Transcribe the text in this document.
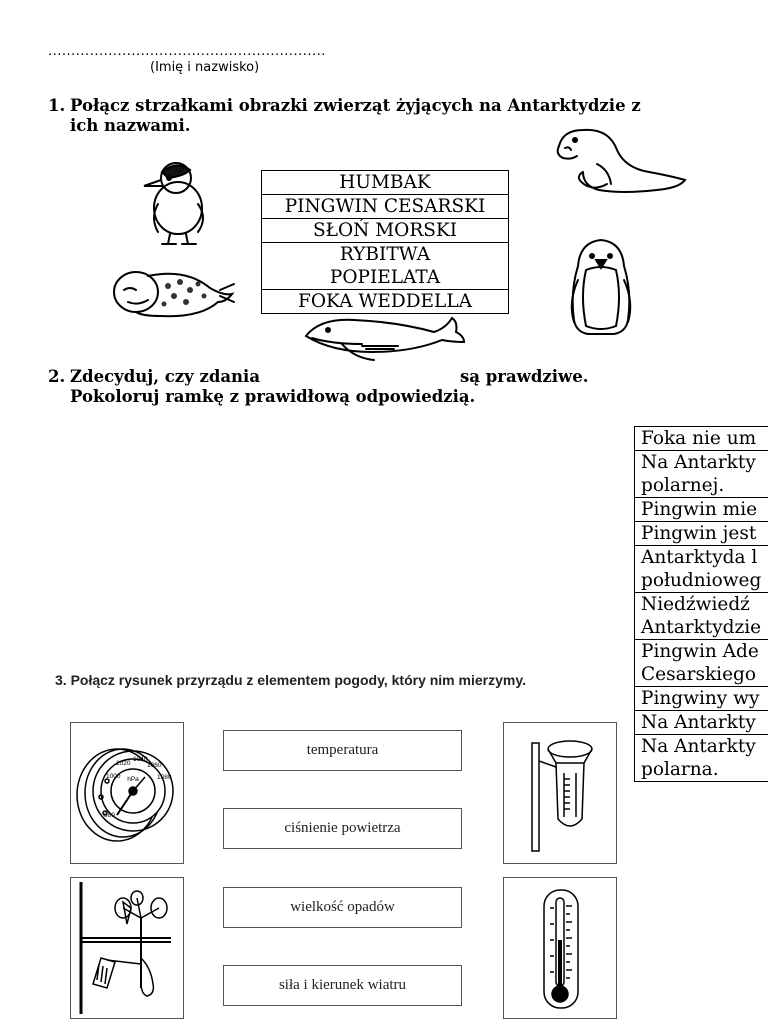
............................................................
(Imię i nazwisko)
1. Połącz strzałkami obrazki zwierząt żyjących na Antarktydzie z
ich nazwami.
HUMBAK
PINGWIN CESARSKI
SŁOŃ MORSKI
RYBITWA
POPIELATA
FOKA WEDDELLA
2. Zdecyduj, czy zdania	są prawdziwe.
Pokoloruj ramkę z prawidłową odpowiedzią.
Foka nie um

Na Antarkty
polarnej.

Pingwin mie

Pingwin jest

Antarktyda l
południoweg

Niedźwiedź
Antarktydzie

Pingwin Ade
Cesarskiego

Pingwiny wy

Na Antarkty

Na Antarkty
polarna.
3. Połącz rysunek przyrządu z elementem pogody, który nim mierzymy.
hPa
1020
1040
1060
1080
1000
980
temperatura
ciśnienie powietrza
wielkość opadów
siła i kierunek wiatru
